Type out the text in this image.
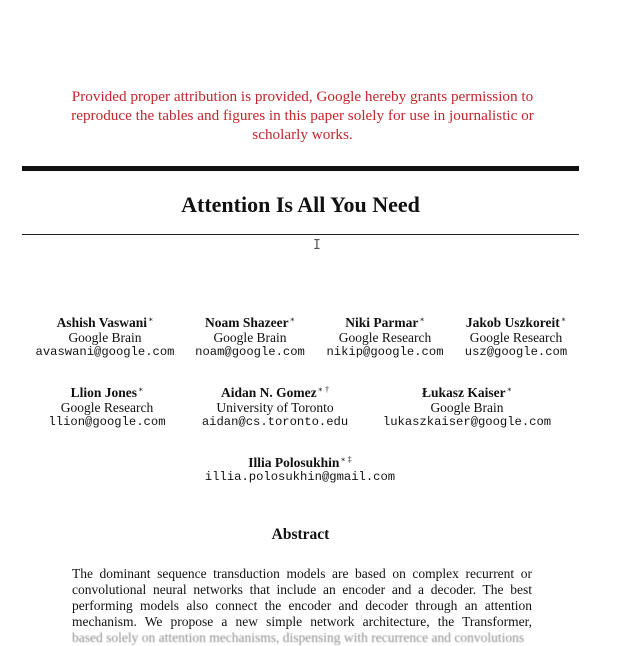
Provided proper attribution is provided, Google hereby grants permission to
reproduce the tables and figures in this paper solely for use in journalistic or
scholarly works.
Attention Is All You Need
I
Ashish Vaswani∗
Google Brain
avaswani@google.com
Noam Shazeer∗
Google Brain
noam@google.com
Niki Parmar∗
Google Research
nikip@google.com
Jakob Uszkoreit∗
Google Research
usz@google.com
Llion Jones∗
Google Research
llion@google.com
Aidan N. Gomez∗ †
University of Toronto
aidan@cs.toronto.edu
Łukasz Kaiser∗
Google Brain
lukaszkaiser@google.com
Illia Polosukhin∗ ‡
illia.polosukhin@gmail.com
Abstract
The dominant sequence transduction models are based on complex recurrent or
convolutional neural networks that include an encoder and a decoder. The best
performing models also connect the encoder and decoder through an attention
mechanism. We propose a new simple network architecture, the Transformer,
based solely on attention mechanisms, dispensing with recurrence and convolutions
